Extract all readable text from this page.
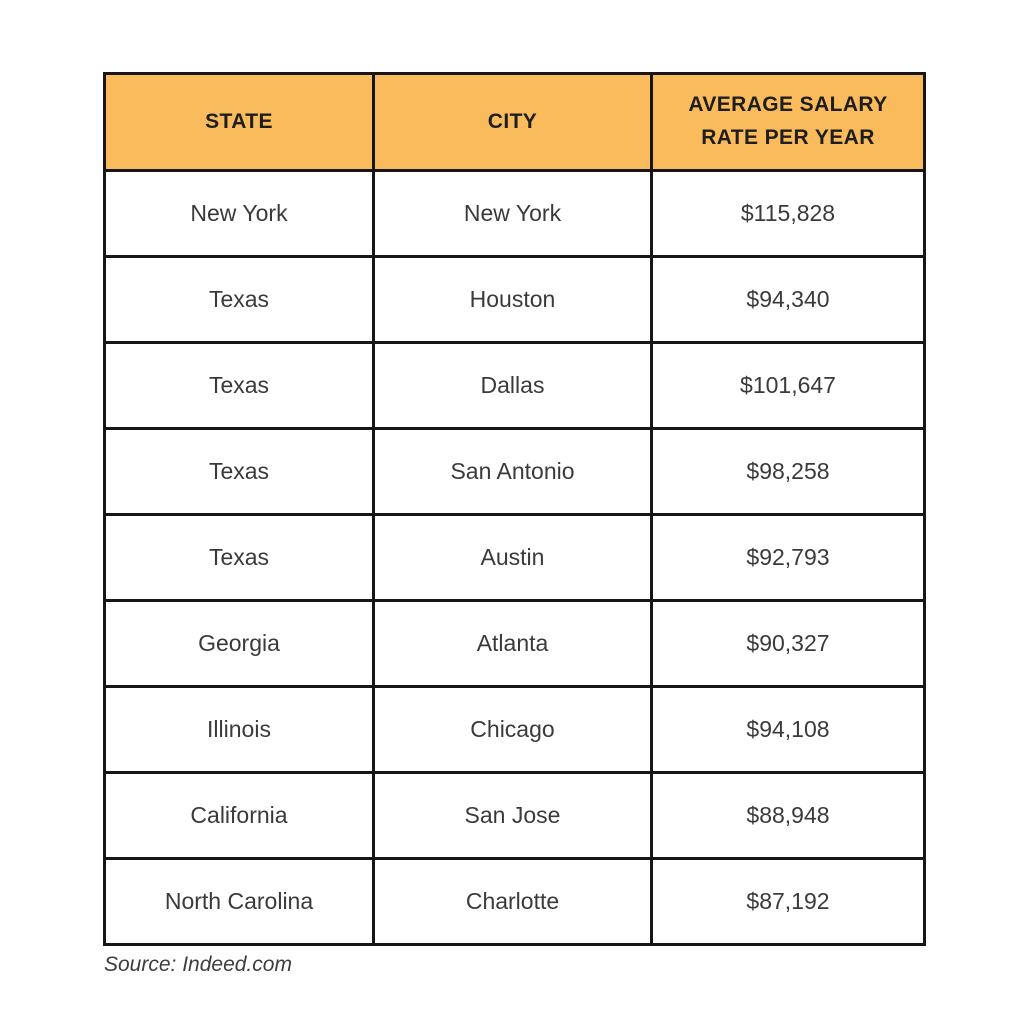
STATE	CITY	AVERAGE SALARY RATE PER YEAR
New York	New York	$115,828
Texas	Houston	$94,340
Texas	Dallas	$101,647
Texas	San Antonio	$98,258
Texas	Austin	$92,793
Georgia	Atlanta	$90,327
Illinois	Chicago	$94,108
California	San Jose	$88,948
North Carolina	Charlotte	$87,192
Source: Indeed.com
